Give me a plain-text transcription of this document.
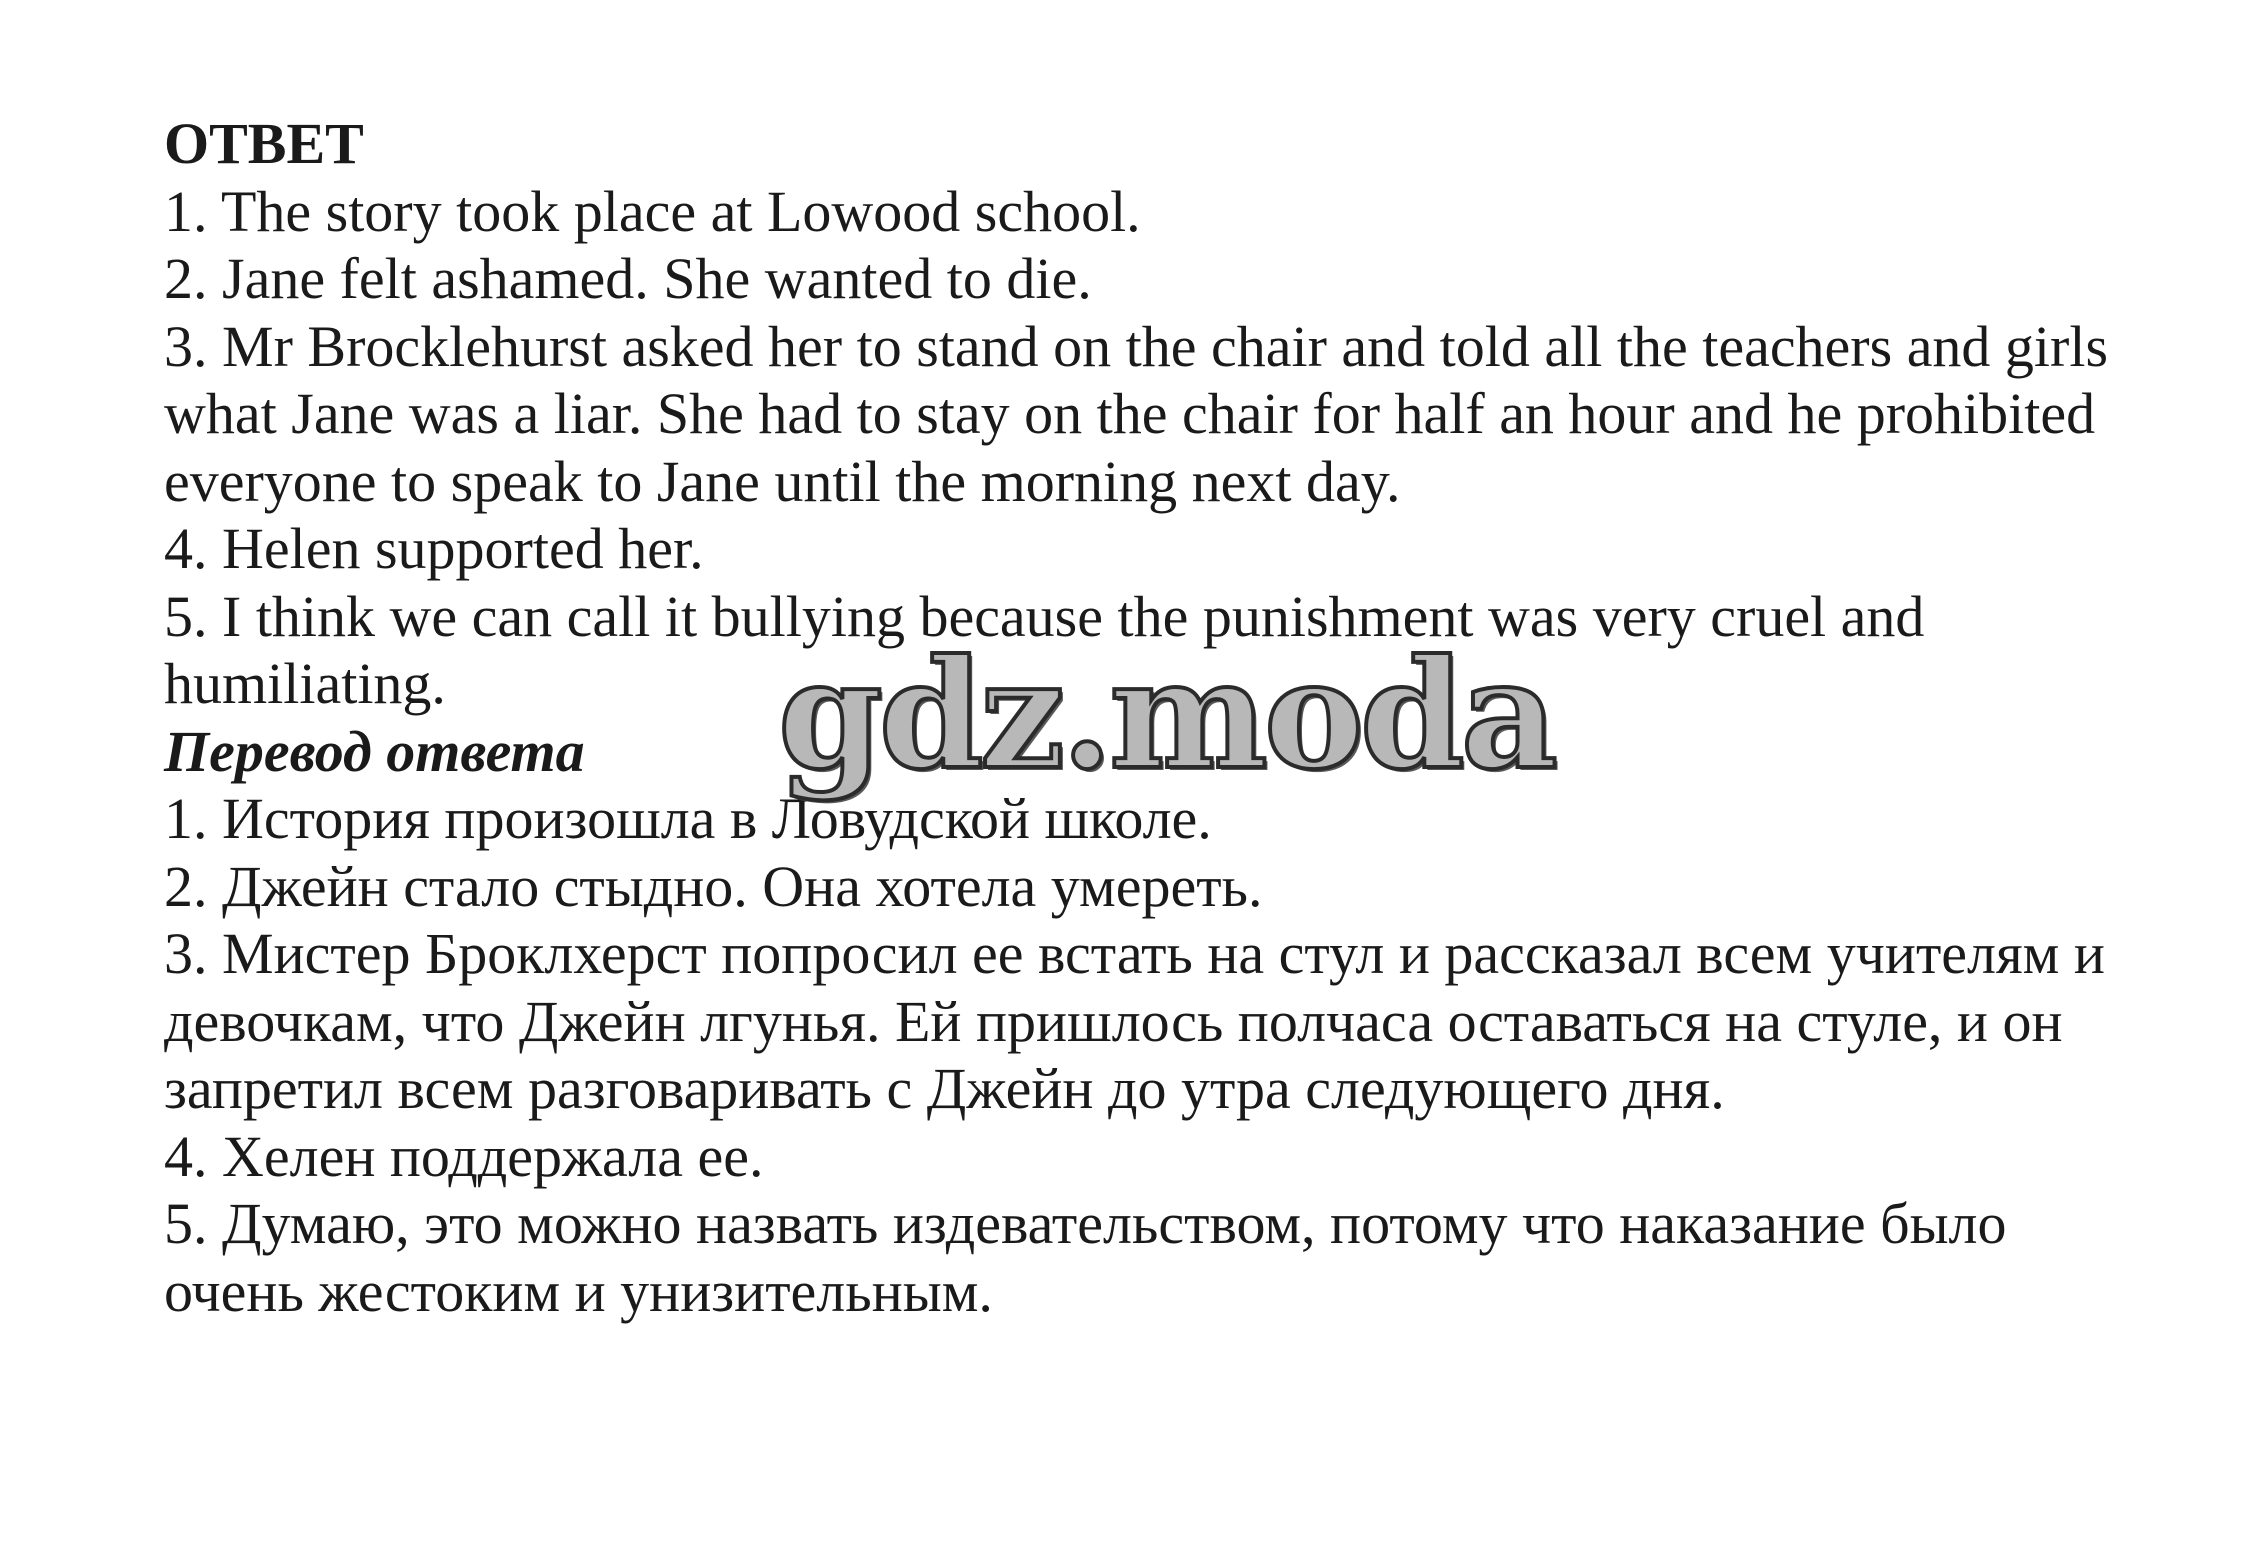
ОТВЕТ

1. The story took place at Lowood school.

2. Jane felt ashamed. She wanted to die.

3. Mr Brocklehurst asked her to stand on the chair and told all the teachers and girls what Jane was a liar. She had to stay on the chair for half an hour and he prohibited everyone to speak to Jane until the morning next day.

4. Helen supported her.

5. I think we can call it bullying because the punishment was very cruel and humiliating.

Перевод ответа

1. История произошла в Ловудской школе.

2. Джейн стало стыдно. Она хотела умереть.

3. Мистер Броклхерст попросил ее встать на стул и рассказал всем учителям и девочкам, что Джейн лгунья. Ей пришлось полчаса оставаться на стуле, и он запретил всем разговаривать с Джейн до утра следующего дня.

4. Хелен поддержала ее.

5. Думаю, это можно назвать издевательством, потому что наказание было очень жестоким и унизительным.

gdz.moda
